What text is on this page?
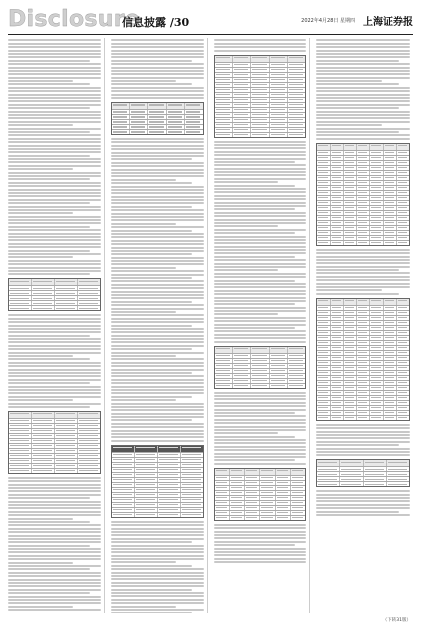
Disclosure
信息披露 /30	2022年4月28日 星期四 上海证券报
（下转31版）
